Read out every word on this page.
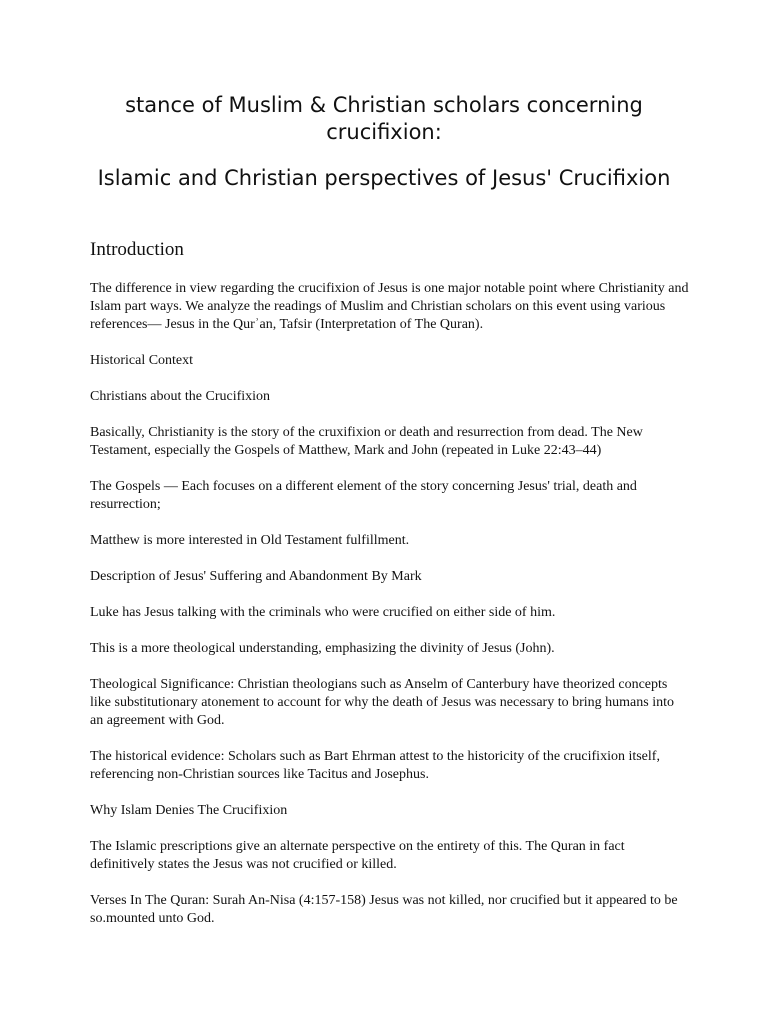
stance of Muslim & Christian scholars concerning crucifixion:
Islamic and Christian perspectives of Jesus' Crucifixion
Introduction

The difference in view regarding the crucifixion of Jesus is one major notable point where Christianity and Islam part ways. We analyze the readings of Muslim and Christian scholars on this event using various references— Jesus in the Qurʾan, Tafsir (Interpretation of The Quran).

Historical Context

Christians about the Crucifixion

Basically, Christianity is the story of the cruxifixion or death and resurrection from dead. The New Testament, especially the Gospels of Matthew, Mark and John (repeated in Luke 22:43–44)

The Gospels — Each focuses on a different element of the story concerning Jesus' trial, death and resurrection;

Matthew is more interested in Old Testament fulfillment.

Description of Jesus' Suffering and Abandonment By Mark

Luke has Jesus talking with the criminals who were crucified on either side of him.

This is a more theological understanding, emphasizing the divinity of Jesus (John).

Theological Significance: Christian theologians such as Anselm of Canterbury have theorized concepts like substitutionary atonement to account for why the death of Jesus was necessary to bring humans into an agreement with God.

The historical evidence: Scholars such as Bart Ehrman attest to the historicity of the crucifixion itself, referencing non-Christian sources like Tacitus and Josephus.

Why Islam Denies The Crucifixion

The Islamic prescriptions give an alternate perspective on the entirety of this. The Quran in fact definitively states the Jesus was not crucified or killed.

Verses In The Quran: Surah An-Nisa (4:157-158) Jesus was not killed, nor crucified but it appeared to be so.mounted unto God.
